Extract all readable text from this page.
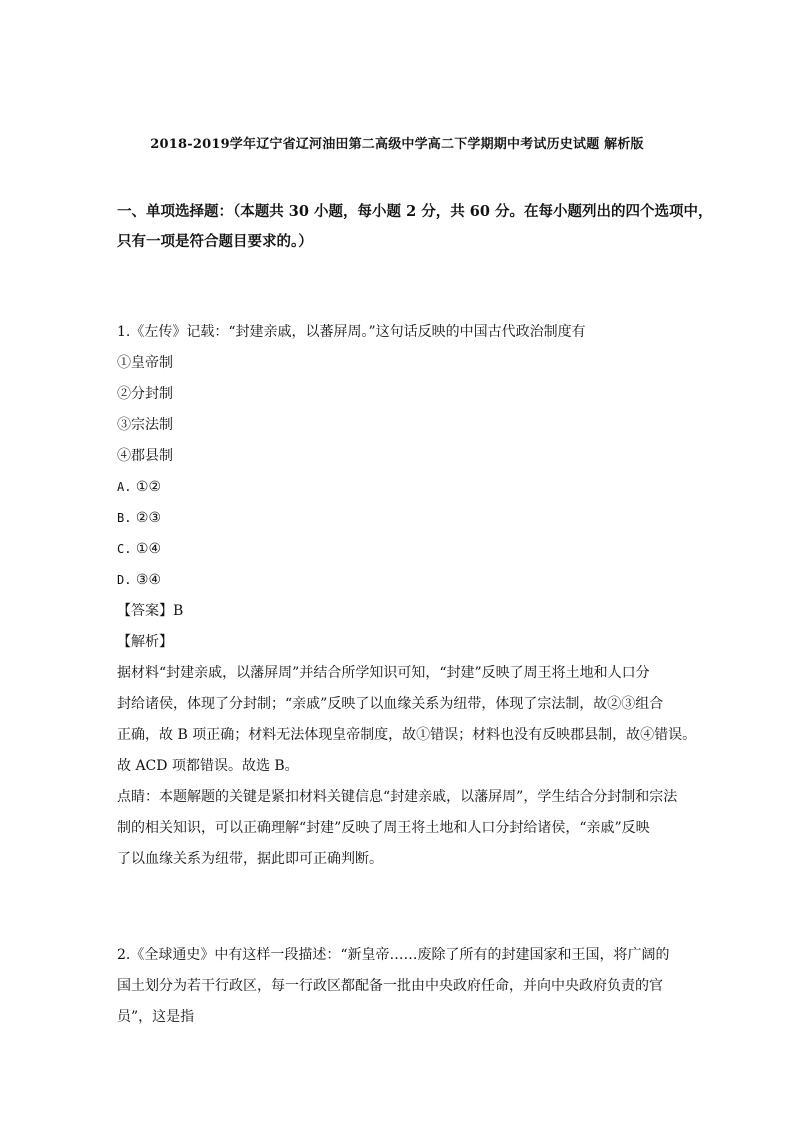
2018-2019学年辽宁省辽河油田第二高级中学高二下学期期中考试历史试题 解析版
一、单项选择题：（本题共 30 小题，每小题 2 分，共 60 分。在每小题列出的四个选项中，
只有一项是符合题目要求的。）
1.《左传》记载：“封建亲戚，以蕃屏周。”这句话反映的中国古代政治制度有
①皇帝制
②分封制
③宗法制
④郡县制
A. ①②
B. ②③
C. ①④
D. ③④
【答案】B
【解析】
据材料“封建亲戚，以藩屏周”并结合所学知识可知，“封建”反映了周王将土地和人口分
封给诸侯，体现了分封制；“亲戚”反映了以血缘关系为纽带，体现了宗法制，故②③组合
正确，故 B 项正确；材料无法体现皇帝制度，故①错误；材料也没有反映郡县制，故④错误。
故 ACD 项都错误。故选 B。
点睛：本题解题的关键是紧扣材料关键信息“封建亲戚，以藩屏周”，学生结合分封制和宗法
制的相关知识，可以正确理解“封建”反映了周王将土地和人口分封给诸侯，“亲戚”反映
了以血缘关系为纽带，据此即可正确判断。
2.《全球通史》中有这样一段描述：“新皇帝……废除了所有的封建国家和王国，将广阔的
国土划分为若干行政区，每一行政区都配备一批由中央政府任命，并向中央政府负责的官
员”，这是指
